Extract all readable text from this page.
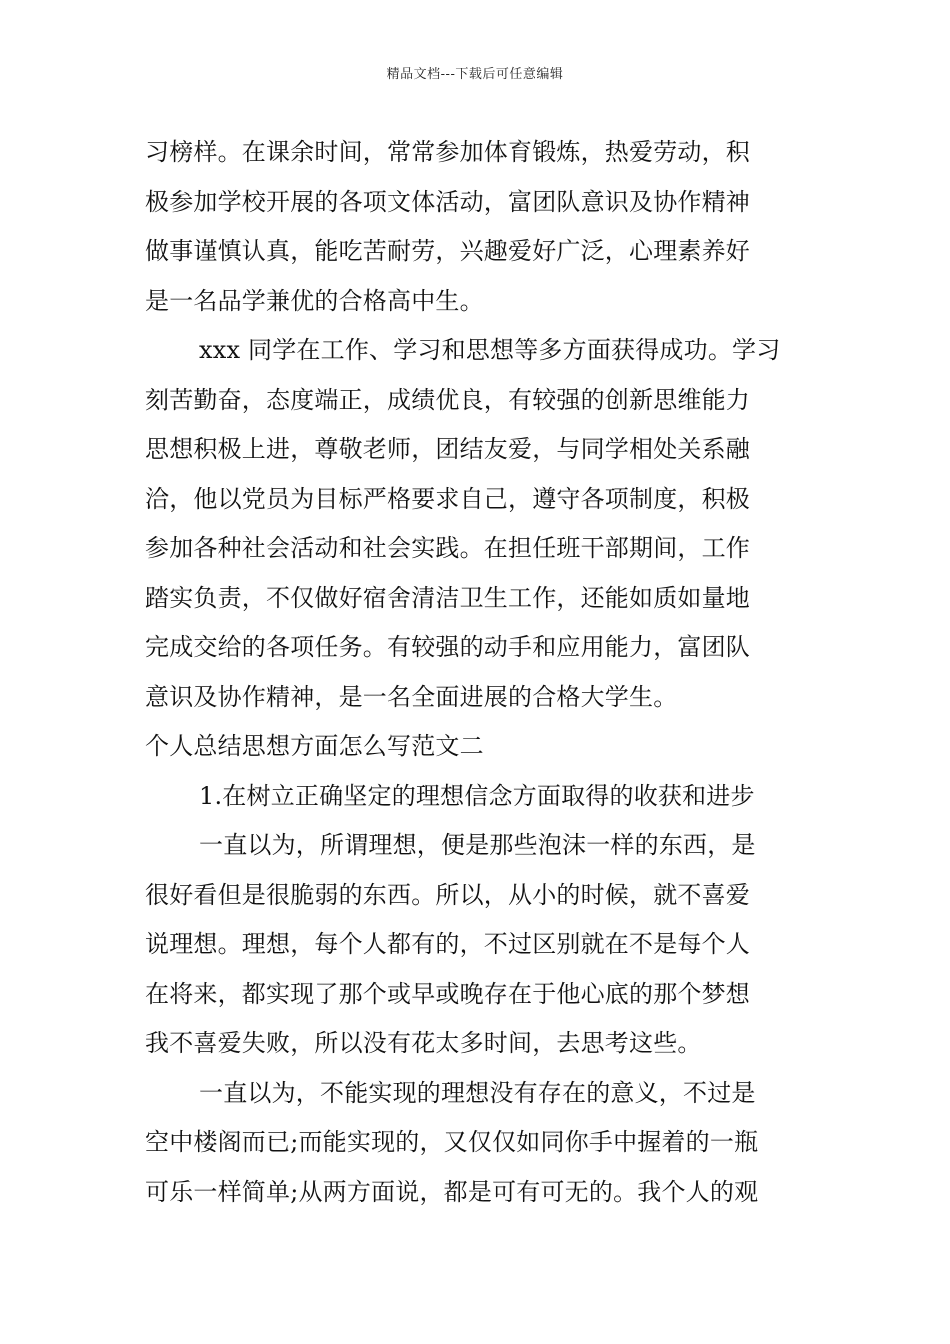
精品文档---下载后可任意编辑
习榜样。在课余时间，常常参加体育锻炼，热爱劳动，积
极参加学校开展的各项文体活动，富团队意识及协作精神
做事谨慎认真，能吃苦耐劳，兴趣爱好广泛，心理素养好
是一名品学兼优的合格高中生。
xxx 同学在工作、学习和思想等多方面获得成功。学习
刻苦勤奋，态度端正，成绩优良，有较强的创新思维能力
思想积极上进，尊敬老师，团结友爱，与同学相处关系融
洽，他以党员为目标严格要求自己，遵守各项制度，积极
参加各种社会活动和社会实践。在担任班干部期间，工作
踏实负责，不仅做好宿舍清洁卫生工作，还能如质如量地
完成交给的各项任务。有较强的动手和应用能力，富团队
意识及协作精神，是一名全面进展的合格大学生。
个人总结思想方面怎么写范文二
1.在树立正确坚定的理想信念方面取得的收获和进步
一直以为，所谓理想，便是那些泡沫一样的东西，是
很好看但是很脆弱的东西。所以，从小的时候，就不喜爱
说理想。理想，每个人都有的，不过区别就在不是每个人
在将来，都实现了那个或早或晚存在于他心底的那个梦想
我不喜爱失败，所以没有花太多时间，去思考这些。
一直以为，不能实现的理想没有存在的意义，不过是
空中楼阁而已;而能实现的，又仅仅如同你手中握着的一瓶
可乐一样简单;从两方面说，都是可有可无的。我个人的观
